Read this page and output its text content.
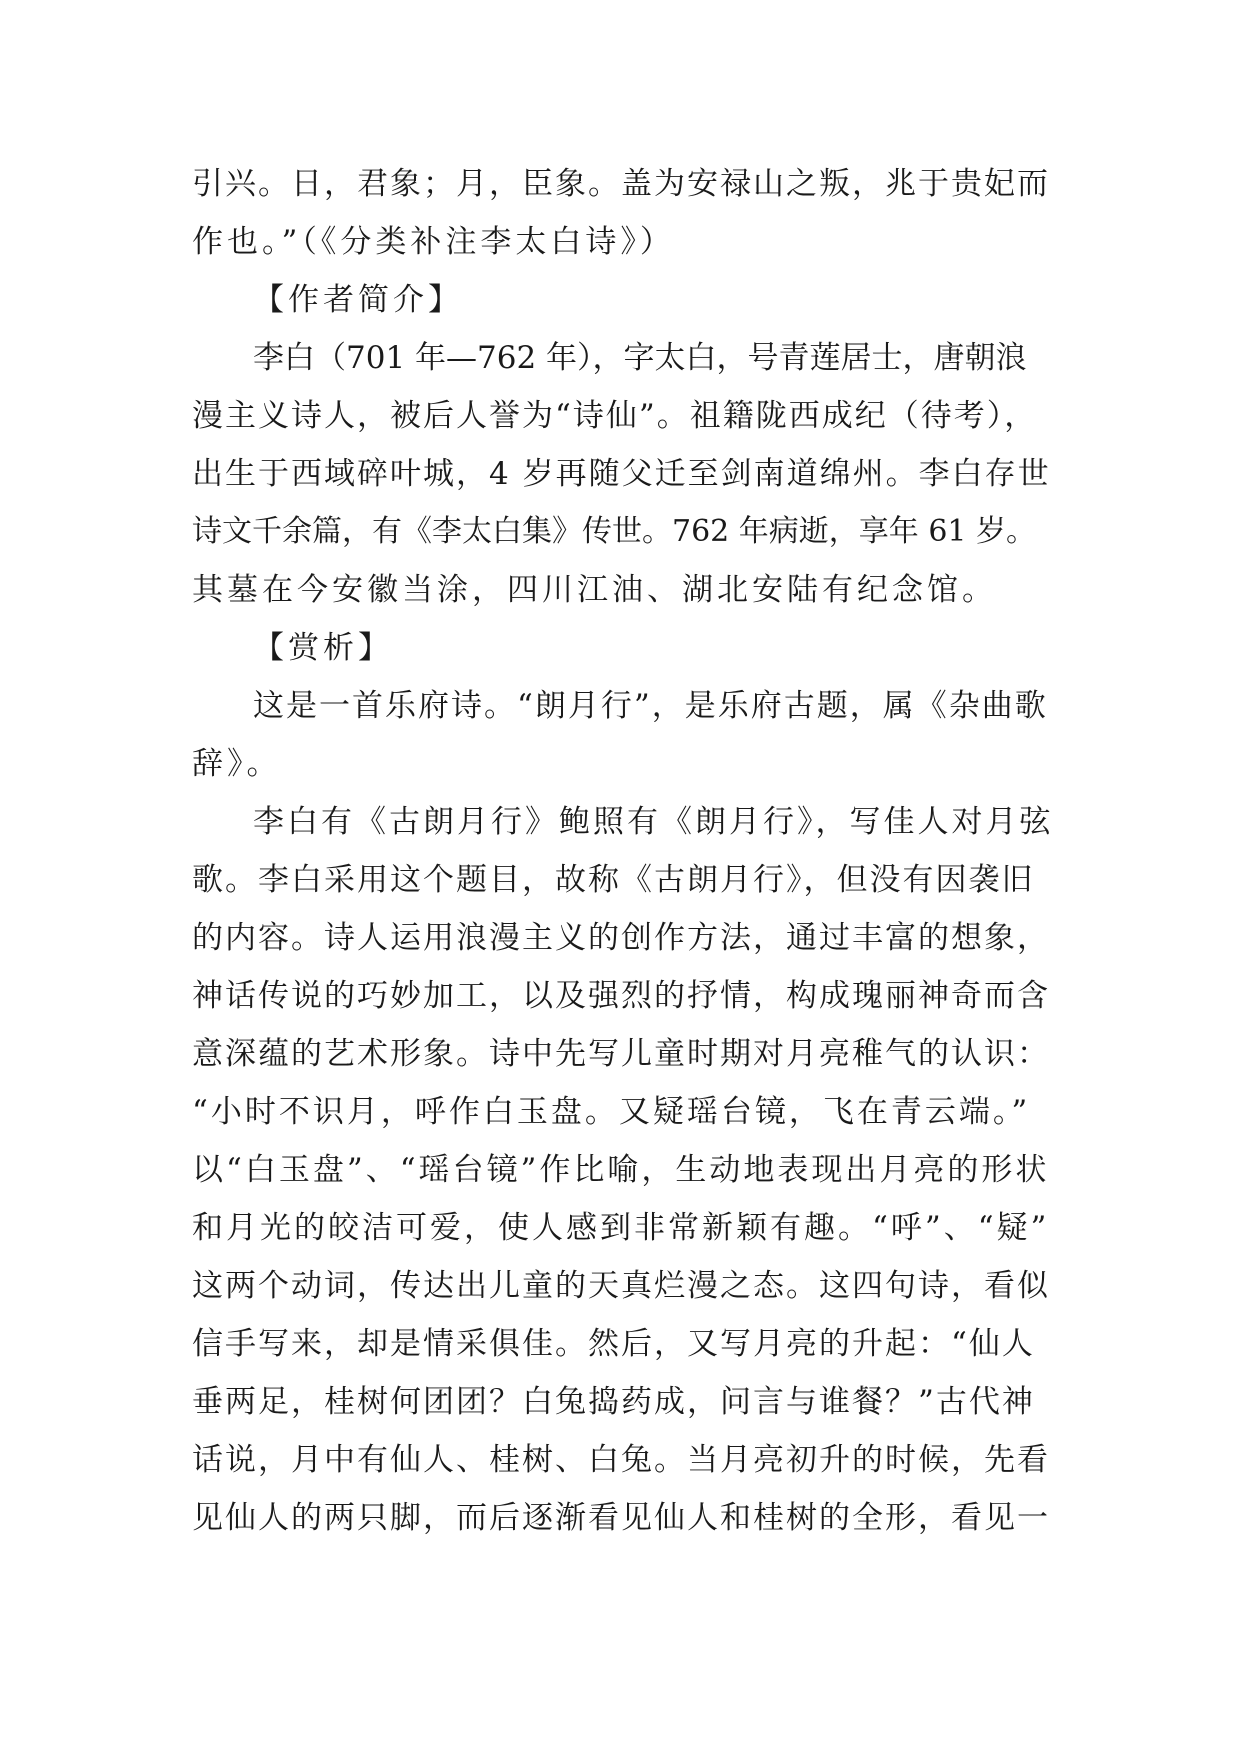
引兴。日，君象；月，臣象。盖为安禄山之叛，兆于贵妃而
作也。”（《分类补注李太白诗》）
【作者简介】
李白（701 年—762 年），字太白，号青莲居士，唐朝浪
漫主义诗人，被后人誉为“诗仙”。祖籍陇西成纪（待考），
出生于西域碎叶城，4 岁再随父迁至剑南道绵州。李白存世
诗文千余篇，有《李太白集》传世。762 年病逝，享年 61 岁。
其墓在今安徽当涂，四川江油、湖北安陆有纪念馆。
【赏析】
这是一首乐府诗。“朗月行”，是乐府古题，属《杂曲歌
辞》。
李白有《古朗月行》鲍照有《朗月行》，写佳人对月弦
歌。李白采用这个题目，故称《古朗月行》，但没有因袭旧
的内容。诗人运用浪漫主义的创作方法，通过丰富的想象，
神话传说的巧妙加工，以及强烈的抒情，构成瑰丽神奇而含
意深蕴的艺术形象。诗中先写儿童时期对月亮稚气的认识：
“小时不识月，呼作白玉盘。又疑瑶台镜，飞在青云端。”
以“白玉盘”、“瑶台镜”作比喻，生动地表现出月亮的形状
和月光的皎洁可爱，使人感到非常新颖有趣。“呼”、“疑”
这两个动词，传达出儿童的天真烂漫之态。这四句诗，看似
信手写来，却是情采俱佳。然后，又写月亮的升起：“仙人
垂两足，桂树何团团？白兔捣药成，问言与谁餐？”古代神
话说，月中有仙人、桂树、白兔。当月亮初升的时候，先看
见仙人的两只脚，而后逐渐看见仙人和桂树的全形，看见一
